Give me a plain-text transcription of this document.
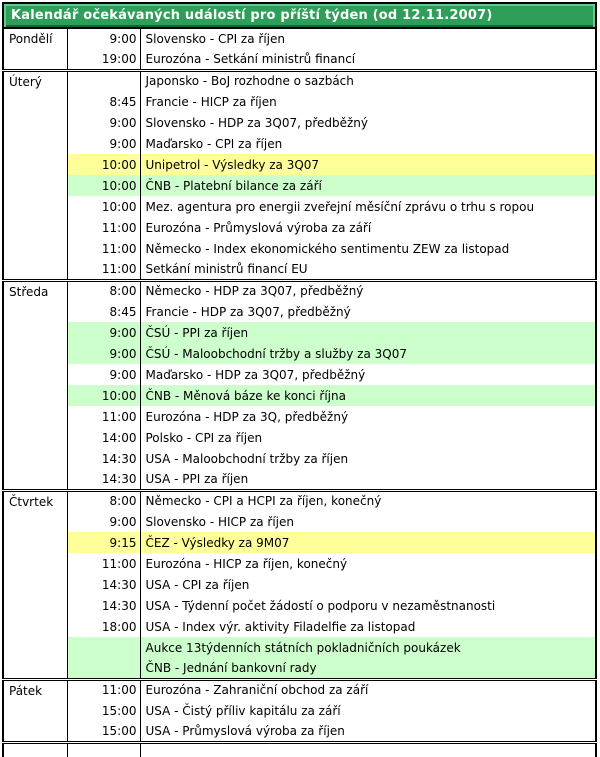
Kalendář očekávaných událostí pro příští týden (od 12.11.2007)		
Pondělí	9:00	Slovensko - CPI za říjen
	19:00	Eurozóna - Setkání ministrů financí
Úterý		Japonsko - BoJ rozhodne o sazbách
	8:45	Francie - HICP za říjen
	9:00	Slovensko - HDP za 3Q07, předběžný
	9:00	Maďarsko - CPI za říjen
	10:00	Unipetrol - Výsledky za 3Q07
	10:00	ČNB - Platební bilance za září
	10:00	Mez. agentura pro energii zveřejní měsíční zprávu o trhu s ropou
	11:00	Eurozóna - Průmyslová výroba za září
	11:00	Německo - Index ekonomického sentimentu ZEW za listopad
	11:00	Setkání ministrů financí EU
Středa	8:00	Německo - HDP za 3Q07, předběžný
	8:45	Francie - HDP za 3Q07, předběžný
	9:00	ČSÚ - PPI za říjen
	9:00	ČSÚ - Maloobchodní tržby a služby za 3Q07
	9:00	Maďarsko - HDP za 3Q07, předběžný
	10:00	ČNB - Měnová báze ke konci října
	11:00	Eurozóna - HDP za 3Q, předběžný
	14:00	Polsko - CPI za říjen
	14:30	USA - Maloobchodní tržby za říjen
	14:30	USA - PPI za říjen
Čtvrtek	8:00	Německo - CPI a HCPI za říjen, konečný
	9:00	Slovensko - HICP za říjen
	9:15	ČEZ - Výsledky za 9M07
	11:00	Eurozóna - HICP za říjen, konečný
	14:30	USA - CPI za říjen
	14:30	USA - Týdenní počet žádostí o podporu v nezaměstnanosti
	18:00	USA - Index výr. aktivity Filadelfie za listopad
		Aukce 13týdenních státních pokladničních poukázek
		ČNB - Jednání bankovní rady
Pátek	11:00	Eurozóna - Zahraniční obchod za září
	15:00	USA - Čistý příliv kapitálu za září
	15:00	USA - Průmyslová výroba za říjen
